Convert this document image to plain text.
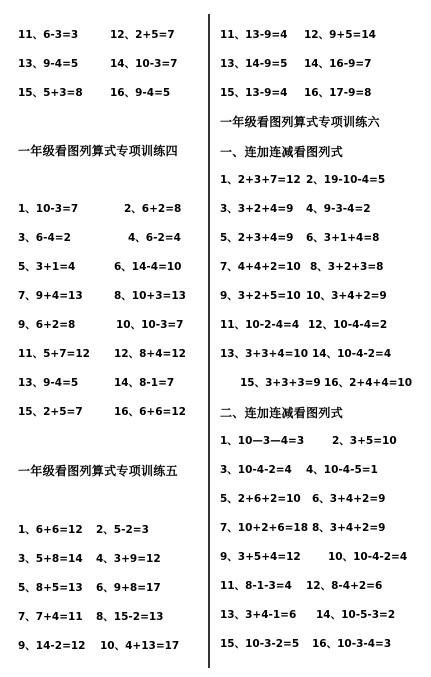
11、6-3=3	12、2+5=7
13、9-4=5	14、10-3=7
15、5+3=8	16、9-4=5
一年级看图列算式专项训练四
1、10-3=7	2、6+2=8
3、6-4=2	4、6-2=4
5、3+1=4	6、14-4=10
7、9+4=13	8、10+3=13
9、6+2=8	10、10-3=7
11、5+7=12 12、8+4=12
13、9-4=5	14、8-1=7
15、2+5=7	16、6+6=12
一年级看图列算式专项训练五
1、6+6=12 2、5-2=3
3、5+8=14 4、3+9=12
5、8+5=13 6、9+8=17
7、7+4=11 8、15-2=13
9、14-2=12 10、4+13=17
11、13-9=4 12、9+5=14
13、14-9=5 14、16-9=7
15、13-9=4 16、17-9=8
一年级看图列算式专项训练六
一、连加连减看图列式
1、2+3+7=12 2、19-10-4=5
3、3+2+4=9 4、9-3-4=2
5、2+3+4=9 6、3+1+4=8
7、4+4+2=10 8、3+2+3=8
9、3+2+5=10 10、3+4+2=9
11、10-2-4=4 12、10-4-4=2
13、3+3+4=10 14、10-4-2=4
15、3+3+3=9 16、2+4+4=10
二、连加连减看图列式
1、10—3—4=3	2、3+5=10
3、10-4-2=4 4、10-4-5=1
5、2+6+2=10 6、3+4+2=9
7、10+2+6=18 8、3+4+2=9
9、3+5+4=12	10、10-4-2=4
11、8-1-3=4 12、8-4+2=6
13、3+4-1=6 14、10-5-3=2
15、10-3-2=5 16、10-3-4=3
